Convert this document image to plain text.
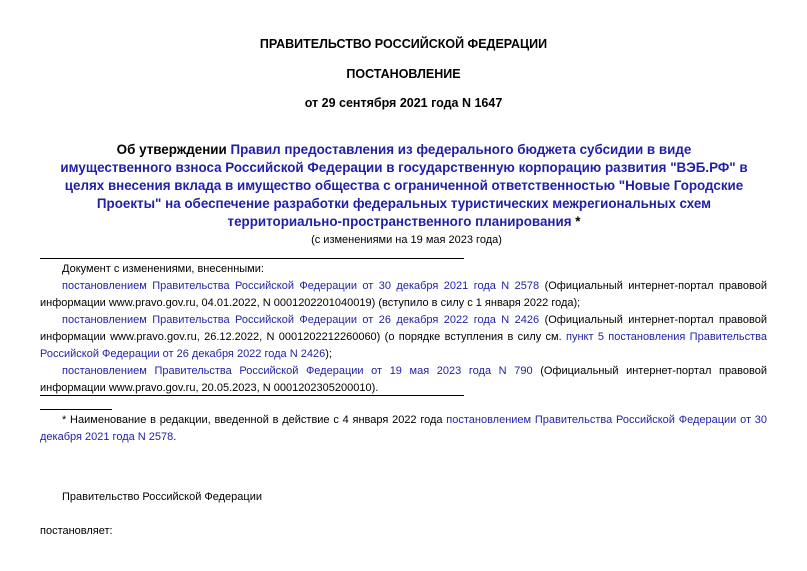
ПРАВИТЕЛЬСТВО РОССИЙСКОЙ ФЕДЕРАЦИИ
ПОСТАНОВЛЕНИЕ
от 29 сентября 2021 года N 1647
Об утверждении Правил предоставления из федерального бюджета субсидии в виде имущественного взноса Российской Федерации в государственную корпорацию развития "ВЭБ.РФ" в целях внесения вклада в имущество общества с ограниченной ответственностью "Новые Городские Проекты" на обеспечение разработки федеральных туристических межрегиональных схем территориально-пространственного планирования *
(с изменениями на 19 мая 2023 года)
Документ с изменениями, внесенными:
постановлением Правительства Российской Федерации от 30 декабря 2021 года N 2578 (Официальный интернет-портал правовой информации www.pravo.gov.ru, 04.01.2022, N 0001202201040019) (вступило в силу с 1 января 2022 года);
постановлением Правительства Российской Федерации от 26 декабря 2022 года N 2426 (Официальный интернет-портал правовой информации www.pravo.gov.ru, 26.12.2022, N 0001202212260060) (о порядке вступления в силу см. пункт 5 постановления Правительства Российской Федерации от 26 декабря 2022 года N 2426);
постановлением Правительства Российской Федерации от 19 мая 2023 года N 790 (Официальный интернет-портал правовой информации www.pravo.gov.ru, 20.05.2023, N 0001202305200010).
* Наименование в редакции, введенной в действие с 4 января 2022 года постановлением Правительства Российской Федерации от 30 декабря 2021 года N 2578.
Правительство Российской Федерации
постановляет:
